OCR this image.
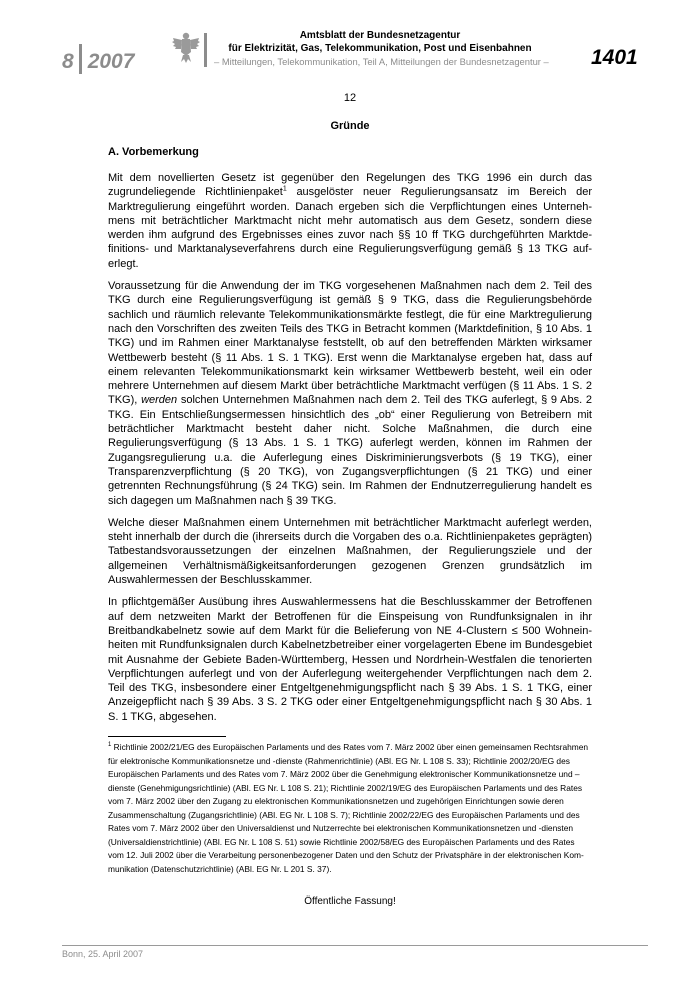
8 2007
Amtsblatt der Bundesnetzagentur
für Elektrizität, Gas, Telekommunikation, Post und Eisenbahnen
– Mitteilungen, Telekommunikation, Teil A, Mitteilungen der Bundesnetzagentur – 1401
12
Gründe
A. Vorbemerkung

Mit dem novellierten Gesetz ist gegenüber den Regelungen des TKG 1996 ein durch das zugrundeliegende Richtlinienpaket$^1$ ausgelöster neuer Regulierungsansatz im Bereich der Marktregulierung eingeführt worden. Danach ergeben sich die Verpflichtungen eines Unternehmens mit beträchtlicher Marktmacht nicht mehr automatisch aus dem Gesetz, sondern diese werden ihm aufgrund des Ergebnisses eines zuvor nach §§ 10 ff TKG durchgeführten Marktdefinitions- und Marktanalyseverfahrens durch eine Regulierungsverfügung gemäß § 13 TKG auferlegt.

Voraussetzung für die Anwendung der im TKG vorgesehenen Maßnahmen nach dem 2. Teil des TKG durch eine Regulierungsverfügung ist gemäß § 9 TKG, dass die Regulierungsbehörde sachlich und räumlich relevante Telekommunikationsmärkte festlegt, die für eine Marktregulierung nach den Vorschriften des zweiten Teils des TKG in Betracht kommen (Marktdefinition, § 10 Abs. 1 TKG) und im Rahmen einer Marktanalyse feststellt, ob auf den betreffenden Märkten wirksamer Wettbewerb besteht (§ 11 Abs. 1 S. 1 TKG). Erst wenn die Marktanalyse ergeben hat, dass auf einem relevanten Telekommunikationsmarkt kein wirksamer Wettbewerb besteht, weil ein oder mehrere Unternehmen auf diesem Markt über beträchtliche Marktmacht verfügen (§ 11 Abs. 1 S. 2 TKG), werden solchen Unternehmen Maßnahmen nach dem 2. Teil des TKG auferlegt, § 9 Abs. 2 TKG. Ein Entschließungsermessen hinsichtlich des „ob“ einer Regulierung von Betreibern mit beträchtlicher Marktmacht besteht daher nicht. Solche Maßnahmen, die durch eine Regulierungsverfügung (§ 13 Abs. 1 S. 1 TKG) auferlegt werden, können im Rahmen der Zugangsregulierung u.a. die Auferlegung eines Diskriminierungsverbots (§ 19 TKG), einer Transparenzverpflichtung (§ 20 TKG), von Zugangsverpflichtungen (§ 21 TKG) und einer getrennten Rechnungsführung (§ 24 TKG) sein. Im Rahmen der Endnutzerregulierung handelt es sich dagegen um Maßnahmen nach § 39 TKG.

Welche dieser Maßnahmen einem Unternehmen mit beträchtlicher Marktmacht auferlegt werden, steht innerhalb der durch die (ihrerseits durch die Vorgaben des o.a. Richtlinienpaketes geprägten) Tatbestandsvoraussetzungen der einzelnen Maßnahmen, der Regulierungsziele und der allgemeinen Verhältnismäßigkeitsanforderungen gezogenen Grenzen grundsätzlich im Auswahlermessen der Beschlusskammer.

In pflichtgemäßer Ausübung ihres Auswahlermessens hat die Beschlusskammer der Betroffenen auf dem netzweiten Markt der Betroffenen für die Einspeisung von Rundfunksignalen in ihr Breitbandkabelnetz sowie auf dem Markt für die Belieferung von NE 4-Clustern ≤ 500 Wohneinheiten mit Rundfunksignalen durch Kabelnetzbetreiber einer vorgelagerten Ebene im Bundesgebiet mit Ausnahme der Gebiete Baden-Württemberg, Hessen und Nordrhein-Westfalen die tenorierten Verpflichtungen auferlegt und von der Auferlegung weitergehender Verpflichtungen nach dem 2. Teil des TKG, insbesondere einer Entgeltgenehmigungspflicht nach § 39 Abs. 1 S. 1 TKG, einer Anzeigepflicht nach § 39 Abs. 3 S. 2 TKG oder einer Entgeltgenehmigungspflicht nach § 30 Abs. 1 S. 1 TKG, abgesehen.

$^1$ Richtlinie 2002/21/EG des Europäischen Parlaments und des Rates vom 7. März 2002 über einen gemeinsamen Rechtsrahmen für elektronische Kommunikationsnetze und -dienste (Rahmenrichtlinie) (ABl. EG Nr. L 108 S. 33); Richtlinie 2002/20/EG des Europäischen Parlaments und des Rates vom 7. März 2002 über die Genehmigung elektronischer Kommunikationsnetze und –dienste (Genehmigungsrichtlinie) (ABl. EG Nr. L 108 S. 21); Richtlinie 2002/19/EG des Europäischen Parlaments und des Rates vom 7. März 2002 über den Zugang zu elektronischen Kommunikationsnetzen und zugehörigen Einrichtungen sowie deren Zusammenschaltung (Zugangsrichtlinie) (ABl. EG Nr. L 108 S. 7); Richtlinie 2002/22/EG des Europäischen Parlaments und des Rates vom 7. März 2002 über den Universaldienst und Nutzerrechte bei elektronischen Kommunikationsnetzen und -diensten (Universaldienstrichtlinie) (ABl. EG Nr. L 108 S. 51) sowie Richtlinie 2002/58/EG des Europäischen Parlaments und des Rates vom 12. Juli 2002 über die Verarbeitung personenbezogener Daten und den Schutz der Privatsphäre in der elektronischen Kommunikation (Datenschutzrichtlinie) (ABl. EG Nr. L 201 S. 37).
Öffentliche Fassung!
Bonn, 25. April 2007
